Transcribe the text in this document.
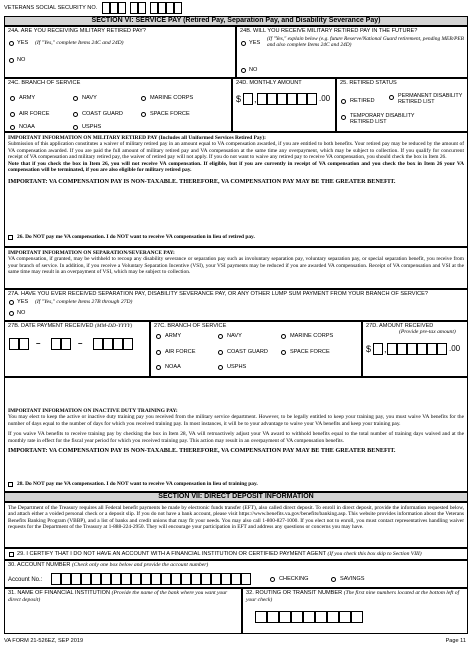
VETERANS SOCIAL SECURITY NO.
SECTION VI: SERVICE PAY (Retired Pay, Separation Pay, and Disability Severance Pay)
24A. ARE YOU RECEIVING MILITARY RETIRED PAY?
YES (If "Yes," complete Items 24C and 24D)
NO
24B. WILL YOU RECEIVE MILITARY RETIRED PAY IN THE FUTURE?
YES
(If "Yes," explain below (e.g. future Reserve/National Guard retirement, pending MEB/PEB and also complete Items 24C and 24D)
NO
24C. BRANCH OF SERVICE
ARMY	NAVY	MARINE CORPS
AIR FORCE	COAST GUARD	SPACE FORCE
NOAA	USPHS
24D. MONTHLY AMOUNT
$ ,	.00
25. RETIRED STATUS
RETIRED
PERMANENT DISABILITY RETIRED LIST
TEMPORARY DISABILITY RETIRED LIST
IMPORTANT INFORMATION ON MILITARY RETIRED PAY (Includes all Uniformed Services Retired Pay):
Submission of this application constitutes a waiver of military retired pay in an amount equal to VA compensation awarded, if you are entitled to both benefits. Your retired pay may be reduced by the amount of VA compensation awarded. If you are paid the full amount of military retired pay and VA compensation at the same time any overpayment, which may be subject to collection. If you qualify for concurrent receipt of VA compensation and military retired pay, the waiver of retired pay will not apply. If you do not want to waive any retired pay to receive VA compensation, you should check the box in Item 26.
Note that if you check the box in Item 26, you will not receive VA compensation. If eligible, but if you are currently in receipt of VA compensation and you check the box in Item 26 your VA compensation will be terminated, if you are also eligible for military retired pay.
IMPORTANT: VA COMPENSATION PAY IS NON-TAXABLE. THEREFORE, VA COMPENSATION PAY MAY BE THE GREATER BENEFIT.
26. Do NOT pay me VA compensation. I do NOT want to receive VA compensation in lieu of retired pay.
IMPORTANT INFORMATION ON SEPARATION/SEVERANCE PAY:
VA compensation, if granted, may be withheld to recoup any disability severance or separation pay such as involuntary separation pay, voluntary separation pay, or special separation benefit, you receive from your branch of service. In addition, if you receive a Voluntary Separation Incentive (VSI), your VSI payments may be reduced if you are awarded VA compensation. Receipt of VA compensation and VSI at the same time may result in an overpayment of VSI, which may be subject to collection.
27A. HAVE YOU EVER RECEIVED SEPARATION PAY, DISABILITY SEVERANCE PAY, OR ANY OTHER LUMP SUM PAYMENT FROM YOUR BRANCH OF SERVICE?
YES (If "Yes," complete Items 27B through 27D)
NO
27B. DATE PAYMENT RECEIVED (MM-DD-YYYY)
–	–
27C. BRANCH OF SERVICE
ARMY	NAVY	MARINE CORPS
AIR FORCE	COAST GUARD	SPACE FORCE
NOAA	USPHS
27D. AMOUNT RECEIVED
(Provide pre-tax amount)
$ ,	.00
IMPORTANT INFORMATION ON INACTIVE DUTY TRAINING PAY:
You may elect to keep the active or inactive duty training pay you received from the military service department. However, to be legally entitled to keep your training pay, you must waive VA benefits for the number of days equal to the number of days for which you received training pay. In most instances, it will be to your advantage to waive your VA benefits and keep your training pay.
If you waive VA benefits to receive training pay by checking the box in Item 28, VA will retroactively adjust your VA award to withhold benefits equal to the total number of training days waived and at the monthly rate in effect for the fiscal year period for which you received training pay. This action may result in an overpayment of VA compensation benefits.
IMPORTANT: VA COMPENSATION PAY IS NON-TAXABLE. THEREFORE, VA COMPENSATION PAY MAY BE THE GREATER BENEFIT.
28. Do NOT pay me VA compensation. I do NOT want to receive VA compensation in lieu of training pay.
SECTION VII: DIRECT DEPOSIT INFORMATION
The Department of the Treasury requires all Federal benefit payments be made by electronic funds transfer (EFT), also called direct deposit. To enroll in direct deposit, provide the information requested below, and attach either a voided personal check or a deposit slip. If you do not have a bank account, please visit https://www.benefits.va.gov/benefits/banking.asp. This website provides information about the Veterans Benefits Banking Program (VBBP), and a list of banks and credit unions that may fit your needs. You may also call 1-800-827-1000. If you elect not to enroll, you must contact representatives handling waiver requests for the Department of the Treasury at 1-888-224-2950. They will encourage your participation in EFT and address any questions or concerns you may have.
29. I CERTIFY THAT I DO NOT HAVE AN ACCOUNT WITH A FINANCIAL INSTITUTION OR CERTIFIED PAYMENT AGENT (If you check this box skip to Section VIII)
30. ACCOUNT NUMBER (Check only one box below and provide the account number)
Account No.:	CHECKING	SAVINGS
31. NAME OF FINANCIAL INSTITUTION (Provide the name of the bank where you want your direct deposit)
32. ROUTING OR TRANSIT NUMBER (The first nine numbers located at the bottom left of your check)
VA FORM 21-526EZ, SEP 2019	Page 11
